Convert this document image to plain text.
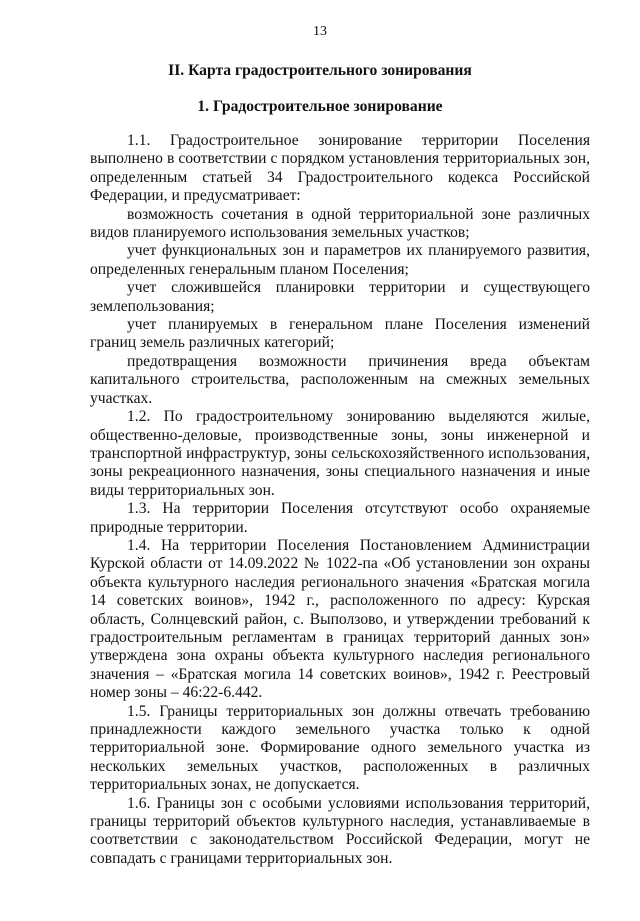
13
II. Карта градостроительного зонирования
1. Градостроительное зонирование

1.1. Градостроительное зонирование территории Поселения выполнено в соответствии с порядком установления территориальных зон, определенным статьей 34 Градостроительного кодекса Российской Федерации, и предусматривает:

возможность сочетания в одной территориальной зоне различных видов планируемого использования земельных участков;

учет функциональных зон и параметров их планируемого развития, определенных генеральным планом Поселения;

учет сложившейся планировки территории и существующего землепользования;

учет планируемых в генеральном плане Поселения изменений границ земель различных категорий;

предотвращения возможности причинения вреда объектам капитального строительства, расположенным на смежных земельных участках.

1.2. По градостроительному зонированию выделяются жилые, общественно-деловые, производственные зоны, зоны инженерной и транспортной инфраструктур, зоны сельскохозяйственного использования, зоны рекреационного назначения, зоны специального назначения и иные виды территориальных зон.

1.3. На территории Поселения отсутствуют особо охраняемые природные территории.

1.4. На территории Поселения Постановлением Администрации Курской области от 14.09.2022 № 1022-па «Об установлении зон охраны объекта культурного наследия регионального значения «Братская могила 14 советских воинов», 1942 г., расположенного по адресу: Курская область, Солнцевский район, с. Выползово, и утверждении требований к градостроительным регламентам в границах территорий данных зон» утверждена зона охраны объекта культурного наследия регионального значения – «Братская могила 14 советских воинов», 1942 г. Реестровый номер зоны – 46:22-6.442.

1.5. Границы территориальных зон должны отвечать требованию принадлежности каждого земельного участка только к одной территориальной зоне. Формирование одного земельного участка из нескольких земельных участков, расположенных в различных территориальных зонах, не допускается.

1.6. Границы зон с особыми условиями использования территорий, границы территорий объектов культурного наследия, устанавливаемые в соответствии с законодательством Российской Федерации, могут не совпадать с границами территориальных зон.
